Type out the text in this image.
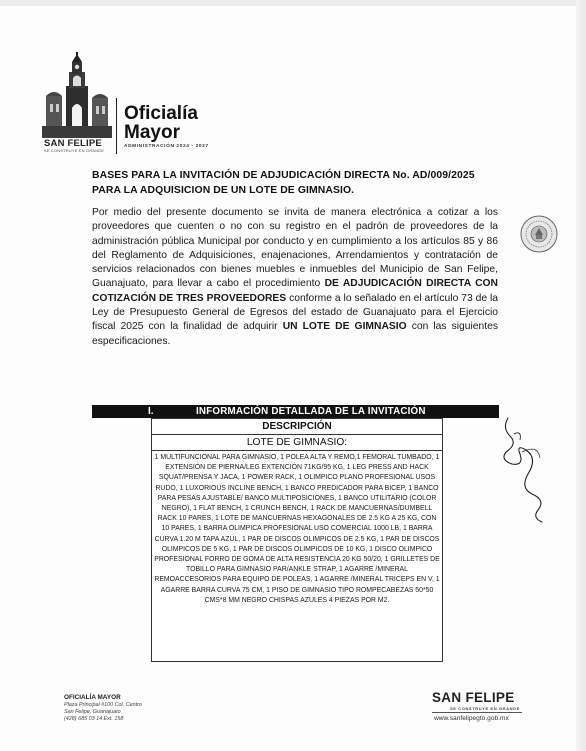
SAN FELIPE
SE CONSTRUYE EN GRANDE
Oficialía
Mayor
ADMINISTRACIÓN 2024 - 2027
BASES PARA LA INVITACIÓN DE ADJUDICACIÓN DIRECTA No. AD/009/2025
PARA LA ADQUISICION DE UN LOTE DE GIMNASIO.
Por medio del presente documento se invita de manera electrónica a cotizar a los proveedores que cuenten o no con su registro en el padrón de proveedores de la administración pública Municipal por conducto y en cumplimiento a los artículos 85 y 86 del Reglamento de Adquisiciones, enajenaciones, Arrendamientos y contratación de servicios relacionados con bienes muebles e inmuebles del Municipio de San Felipe, Guanajuato, para llevar a cabo el procedimiento DE ADJUDICACIÓN DIRECTA CON COTIZACIÓN DE TRES PROVEEDORES conforme a lo señalado en el artículo 73 de la Ley de Presupuesto General de Egresos del estado de Guanajuato para el Ejercicio fiscal 2025 con la finalidad de adquirir UN LOTE DE GIMNASIO con las siguientes especificaciones.
I.	INFORMACIÓN DETALLADA DE LA INVITACIÓN
DESCRIPCIÓN
LOTE DE GIMNASIO:
1 MULTIFUNCIONAL PARA GIMNASIO, 1 POLEA ALTA Y REMO,1 FEMORAL TUMBADO, 1 EXTENSIÓN DE PIERNA/LEG EXTENCIÓN 71KG/95 KG, 1 LEG PRESS AND HACK SQUAT/PRENSA Y JACA, 1 POWER RACK, 1 OLIMPICO PLANO PROFESIONAL USOS RUDO, 1 LUXORIOUS INCLINE BENCH, 1 BANCO PREDICADOR PARA BICEP, 1 BANCO PARA PESAS AJUSTABLE/ BANCO MULTIPOSICIONES, 1 BANCO UTILITARIO (COLOR NEGRO), 1 FLAT BENCH, 1 CRUNCH BENCH, 1 RACK DE MANCUERNAS/DUMBELL RACK 10 PARES, 1 LOTE DE MANCUERNAS HEXAGONALES DE 2.5 KG A 25 KG, CON 10 PARES, 1 BARRA OLIMPICA PROFESIONAL USO COMERCIAL 1000 LB, 1 BARRA CURVA 1.20 M TAPA AZUL, 1 PAR DE DISCOS OLIMPICOS DE 2.5 KG, 1 PAR DE DISCOS OLIMPICOS DE 5 KG, 1 PAR DE DISCOS OLIMPICOS DE 10 KG, 1 DISCO OLIMPICO PROFESIONAL FORRO DE GOMA DE ALTA RESISTENCIA 20 KG 50/20, 1 GRILLETES DE TOBILLO PARA GIMNASIO PAR/ANKLE STRAP, 1 AGARRE /MINERAL REMOACCESORIOS PARA EQUIPO DE POLEAS, 1 AGARRE /MINERAL TRICEPS EN V, 1 AGARRE BARRA CURVA 75 CM, 1 PISO DE GIMNASIO TIPO ROMPECABEZAS 50*50 CMS*8 MM NEGRO CHISPAS AZULES 4 PIEZAS POR M2.
OFICIALÍA MAYOR
Plaza Principal #100 Col. Centro
San Felipe, Guanajuato
(428) 685 03 14 Ext. 158
SAN FELIPE
SE CONSTRUYE EN GRANDE
www.sanfelipegto.gob.mx
